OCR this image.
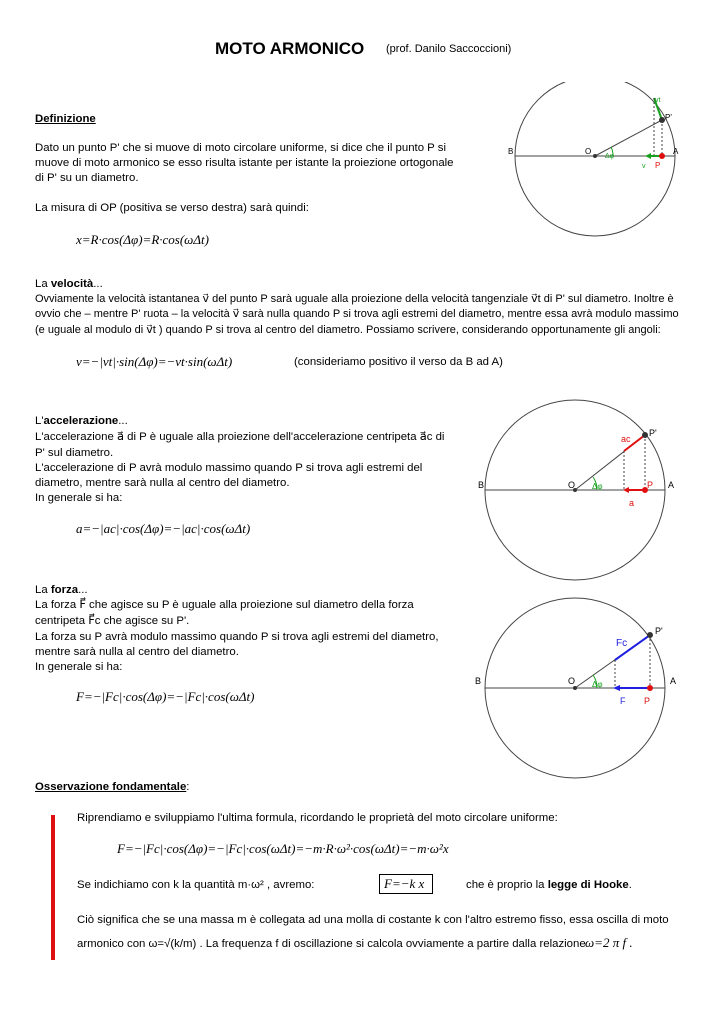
MOTO ARMONICO (prof. Danilo Saccoccioni)
Definizione
Dato un punto P' che si muove di moto circolare uniforme, si dice che il punto P si
muove di moto armonico se esso risulta istante per istante la proiezione ortogonale
di P' su un diametro.
La misura di OP (positiva se verso destra) sarà quindi:
x=R·cos(Δφ)=R·cos(ωΔt)
B	O	A
P
P'
Δφ
vt
v
La velocità...
Ovviamente la velocità istantanea v⃗ del punto P sarà uguale alla proiezione della velocità tangenziale v⃗t di P' sul diametro. Inoltre è
ovvio che – mentre P' ruota – la velocità v⃗ sarà nulla quando P si trova agli estremi del diametro, mentre essa avrà modulo massimo
(e uguale al modulo di v⃗t ) quando P si trova al centro del diametro. Possiamo scrivere, considerando opportunamente gli angoli:
v=−|vt|·sin(Δφ)=−vt·sin(ωΔt)	(consideriamo positivo il verso da B ad A)
L'accelerazione...
L'accelerazione a⃗ di P è uguale alla proiezione dell'accelerazione centripeta a⃗c di
P' sul diametro.
L'accelerazione di P avrà modulo massimo quando P si trova agli estremi del
diametro, mentre sarà nulla al centro del diametro.
In generale si ha:
a=−|ac|·cos(Δφ)=−|ac|·cos(ωΔt)
B	O	A
P
P'
Δφ
ac
a
La forza...
La forza F⃗ che agisce su P è uguale alla proiezione sul diametro della forza
centripeta F⃗c che agisce su P'.
La forza su P avrà modulo massimo quando P si trova agli estremi del diametro,
mentre sarà nulla al centro del diametro.
In generale si ha:
F=−|Fc|·cos(Δφ)=−|Fc|·cos(ωΔt)
B	O	A
P
P'
Δφ
Fc
F
Osservazione fondamentale:
Riprendiamo e sviluppiamo l'ultima formula, ricordando le proprietà del moto circolare uniforme:
F=−|Fc|·cos(Δφ)=−|Fc|·cos(ωΔt)=−m·R·ω²·cos(ωΔt)=−m·ω²x
Se indichiamo con k la quantità m·ω² , avremo:	F=−k x	che è proprio la legge di Hooke.
Ciò significa che se una massa m è collegata ad una molla di costante k con l'altro estremo fisso, essa oscilla di moto
armonico con ω=√(k/m) . La frequenza f di oscillazione si calcola ovviamente a partire dalla relazione ω=2 π f .
